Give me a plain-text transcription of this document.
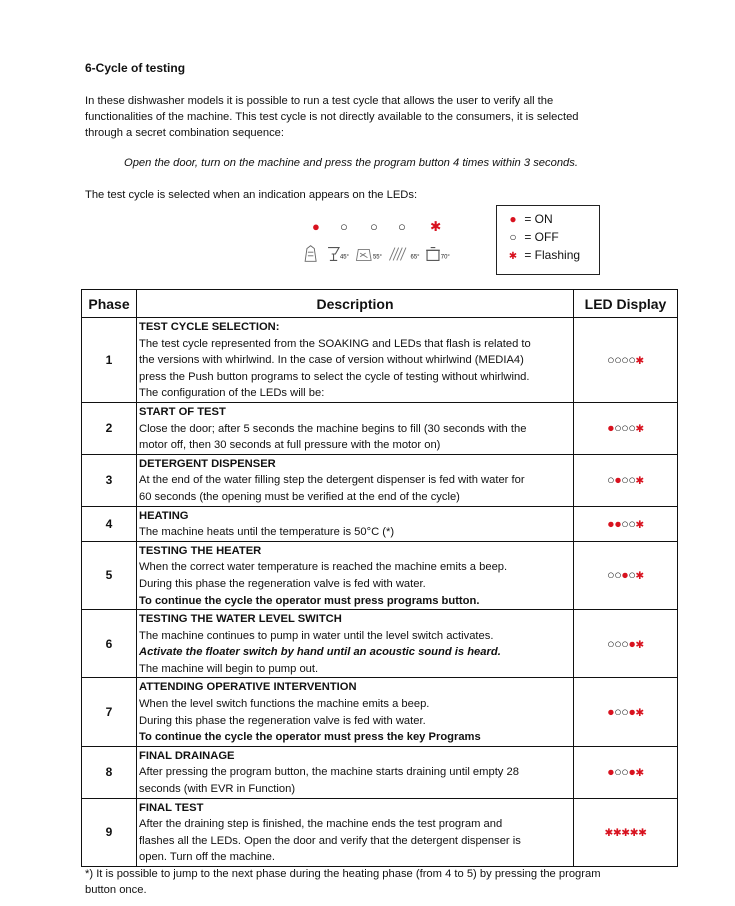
6-Cycle of testing
In these dishwasher models it is possible to run a test cycle that allows the user to verify all the
functionalities of the machine. This test cycle is not directly available to the consumers, it is selected
through a secret combination sequence:
Open the door, turn on the machine and press the program button 4 times within 3 seconds.
The test cycle is selected when an indication appears on the LEDs:
● ○ ○ ○ ✱
45°	55°	65°	70°
● = ON
○ = OFF
✱ = Flashing
Phase	Description	LED Display
1	TEST CYCLE SELECTION:
The test cycle represented from the SOAKING and LEDs that flash is related to
the versions with whirlwind. In the case of version without whirlwind (MEDIA4)
press the Push button programs to select the cycle of testing without whirlwind.
The configuration of the LEDs will be:	○○○○✱
2	START OF TEST
Close the door; after 5 seconds the machine begins to fill (30 seconds with the
motor off, then 30 seconds at full pressure with the motor on)	●○○○✱
3	DETERGENT DISPENSER
At the end of the water filling step the detergent dispenser is fed with water for
60 seconds (the opening must be verified at the end of the cycle)	○●○○✱
4	HEATING
The machine heats until the temperature is 50°C (*)	●●○○✱
5	TESTING THE HEATER
When the correct water temperature is reached the machine emits a beep.
During this phase the regeneration valve is fed with water.
To continue the cycle the operator must press programs button.	○○●○✱
6	TESTING THE WATER LEVEL SWITCH
The machine continues to pump in water until the level switch activates.
Activate the floater switch by hand until an acoustic sound is heard.
The machine will begin to pump out.	○○○●✱
7	ATTENDING OPERATIVE INTERVENTION
When the level switch functions the machine emits a beep.
During this phase the regeneration valve is fed with water.
To continue the cycle the operator must press the key Programs	●○○●✱
8	FINAL DRAINAGE
After pressing the program button, the machine starts draining until empty 28
seconds (with EVR in Function)	●○○●✱
9	FINAL TEST
After the draining step is finished, the machine ends the test program and
flashes all the LEDs. Open the door and verify that the detergent dispenser is
open. Turn off the machine.	✱✱✱✱✱
*) It is possible to jump to the next phase during the heating phase (from 4 to 5) by pressing the program
button once.
